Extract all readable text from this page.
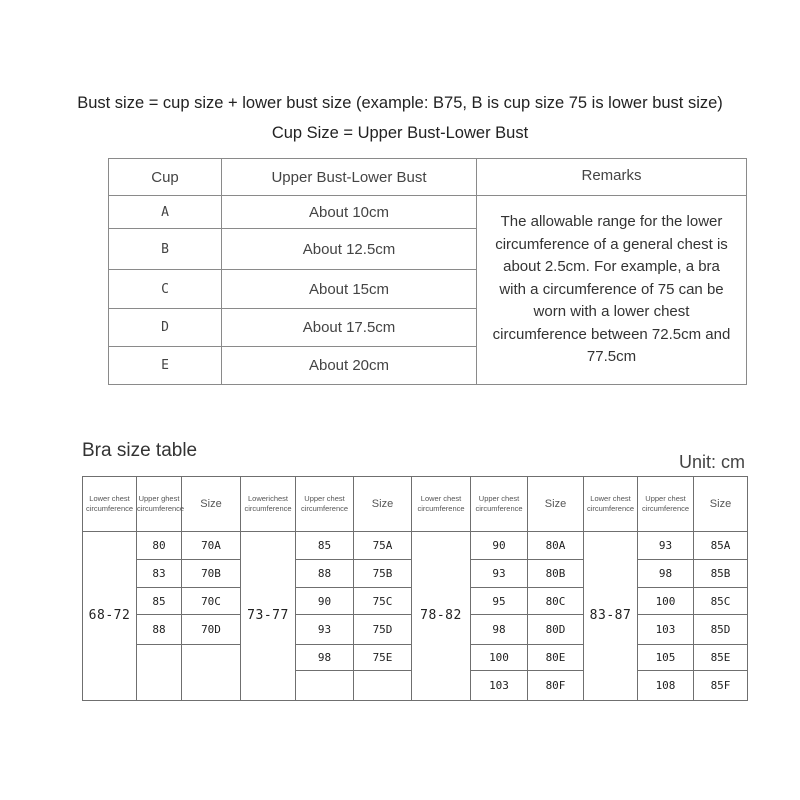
Bust size = cup size + lower bust size (example: B75, B is cup size 75 is lower bust size)
Cup Size = Upper Bust-Lower Bust
Cup	Upper Bust-Lower Bust	Remarks
A	About 10cm	The allowable range for the lower circumference of a general chest is about 2.5cm. For example, a bra with a circumference of 75 can be worn with a lower chest circumference between 72.5cm and 77.5cm
B	About 12.5cm	
C	About 15cm	
D	About 17.5cm	
E	About 20cm	
Bra size table
Unit: cm
Lower chest circumference	Upper ghest circumference	Size	Lowerichest circumference	Upper chest circumference	Size	Lower chest circumference	Upper chest circumference	Size	Lower chest circumference	Upper chest circumference	Size
68-72	80	70A	73-77	85	75A	78-82	90	80A	83-87	93	85A
	83	70B		88	75B		93	80B		98	85B
	85	70C		90	75C		95	80C		100	85C
	88	70D		93	75D		98	80D		103	85D
				98	75E		100	80E		105	85E
							103	80F		108	85F
